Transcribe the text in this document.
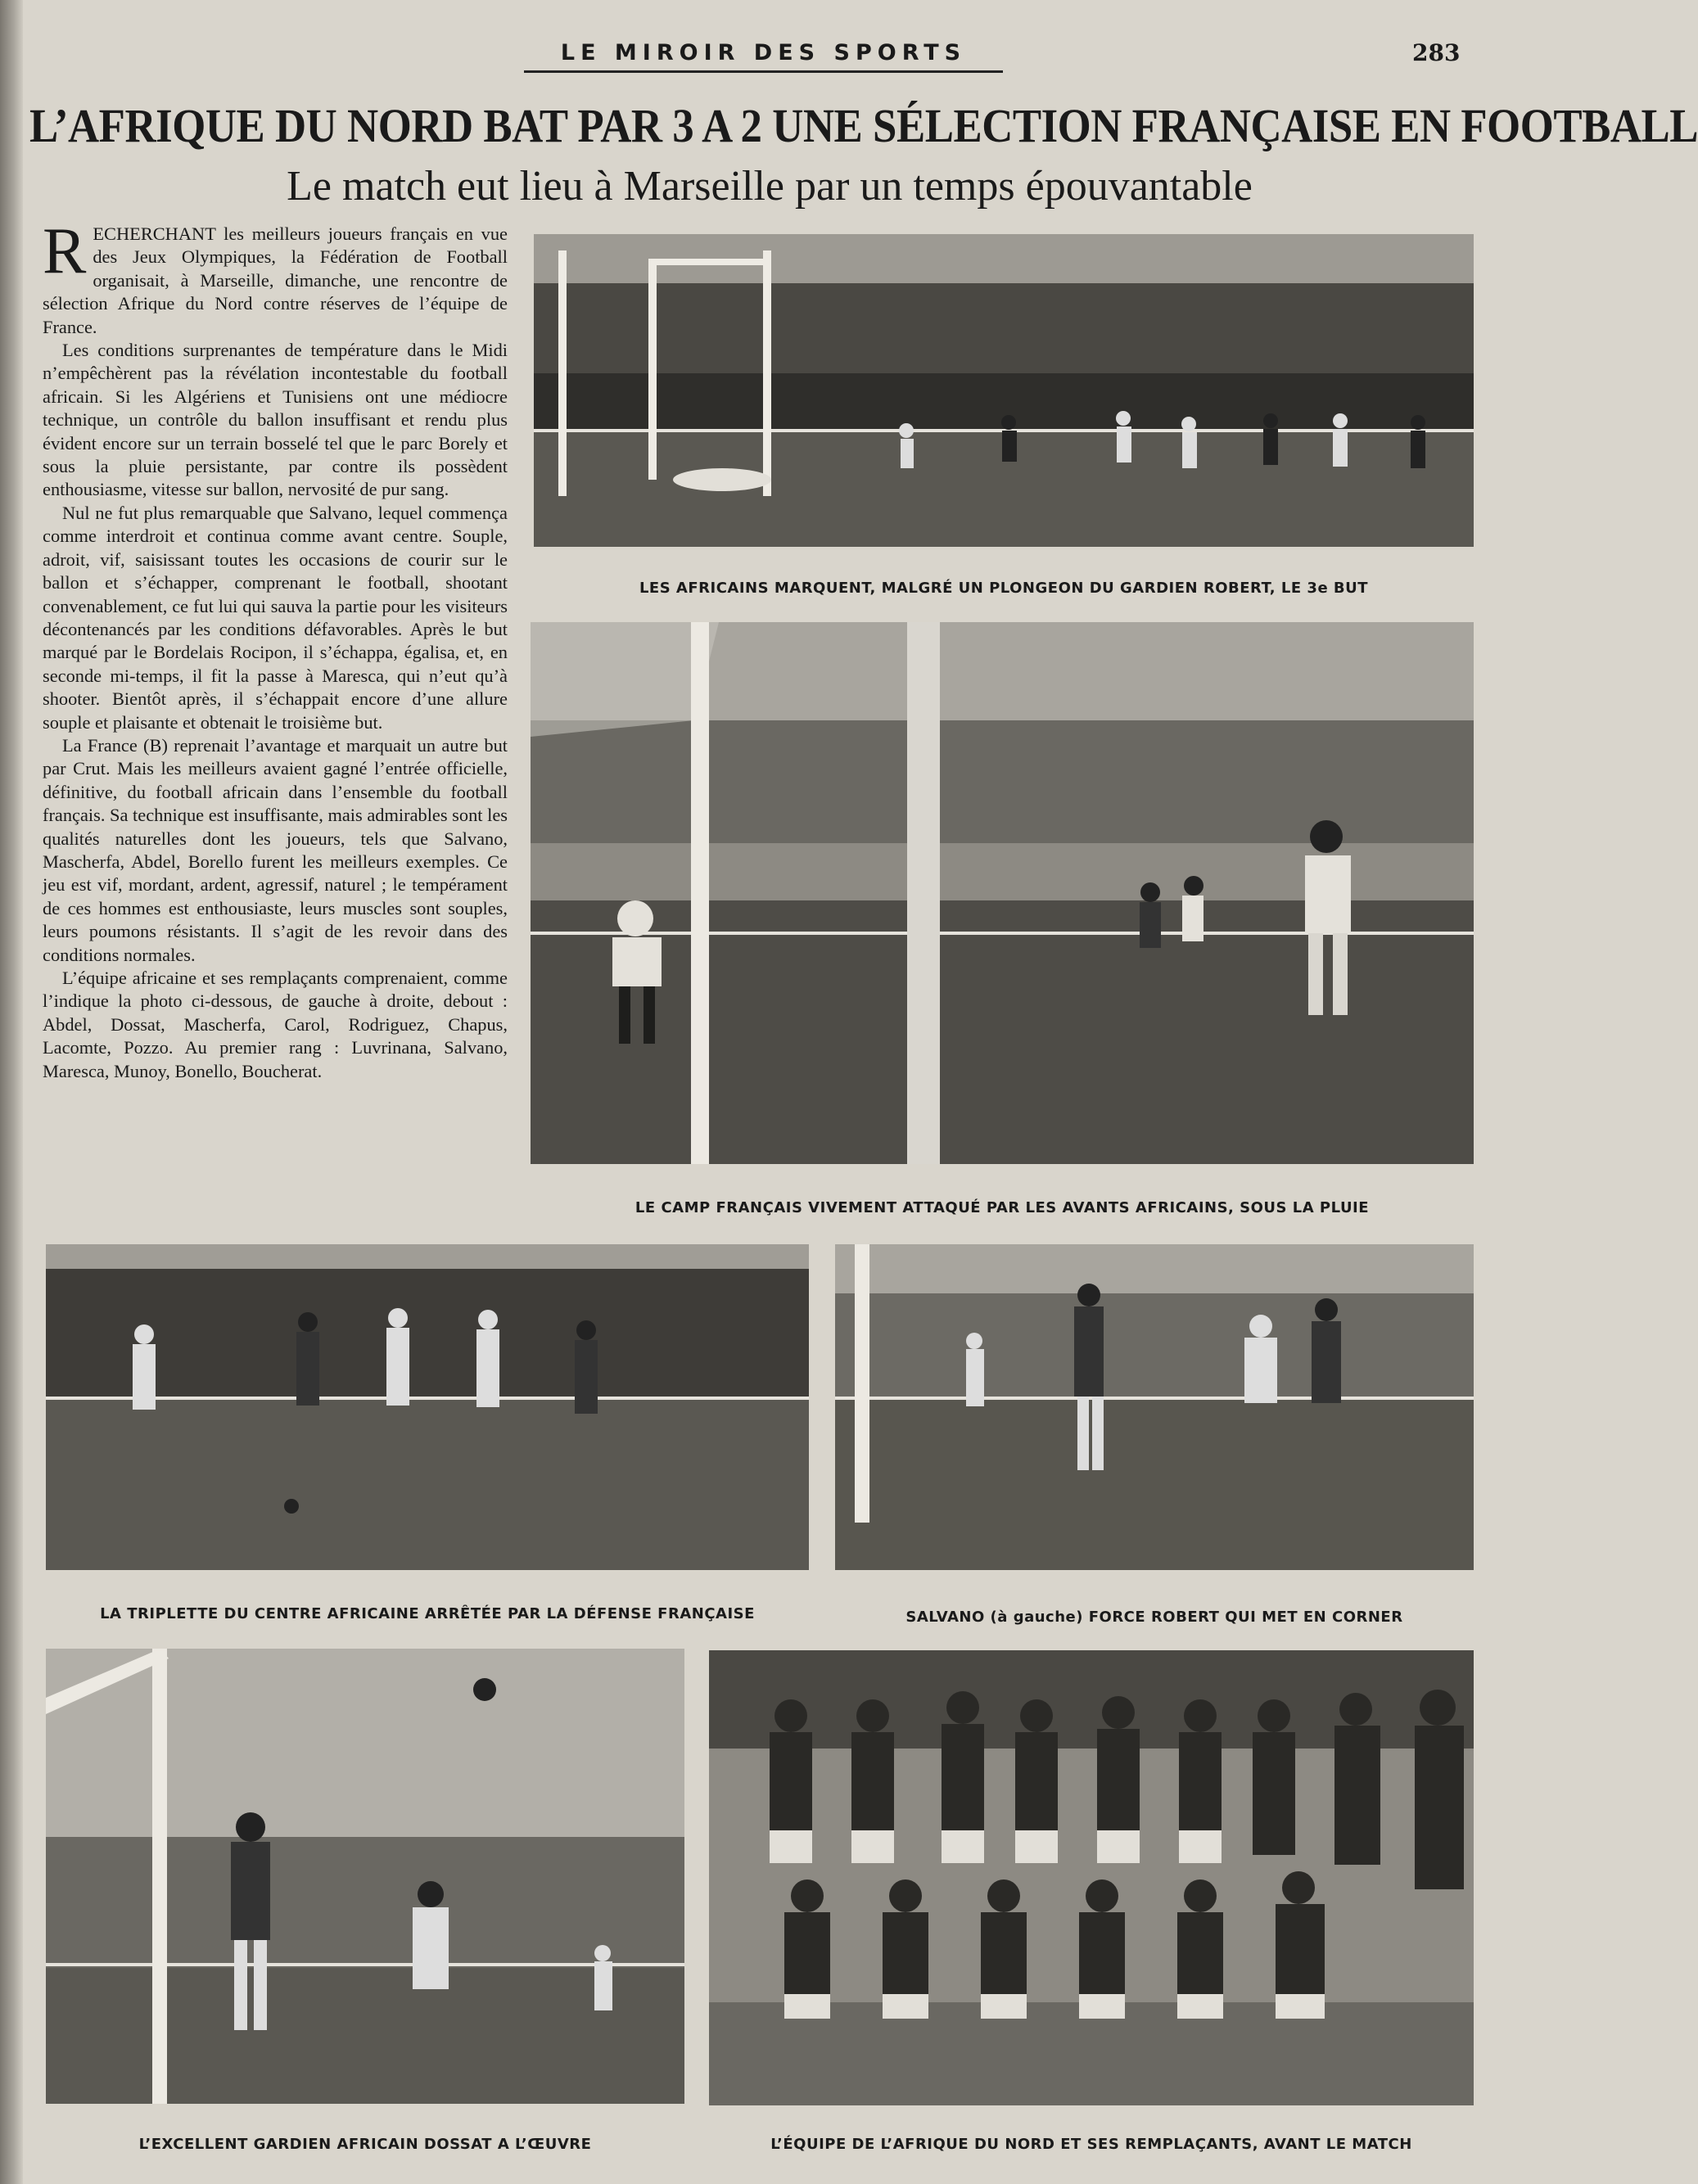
LE MIROIR DES SPORTS	283
L’AFRIQUE DU NORD BAT PAR 3 A 2 UNE SÉLECTION FRANÇAISE EN FOOTBALL
Le match eut lieu à Marseille par un temps épouvantable

RECHERCHANT les meilleurs joueurs français en vue des Jeux Olympiques, la Fédération de Football organisait, à Marseille, dimanche, une rencontre de sélection Afrique du Nord contre réserves de l’équipe de France.

Les conditions surprenantes de température dans le Midi n’empêchèrent pas la révélation incontestable du football africain. Si les Algériens et Tunisiens ont une médiocre technique, un contrôle du ballon insuffisant et rendu plus évident encore sur un terrain bosselé tel que le parc Borely et sous la pluie persistante, par contre ils possèdent enthousiasme, vitesse sur ballon, nervosité de pur sang.

Nul ne fut plus remarquable que Salvano, lequel commença comme interdroit et continua comme avant centre. Souple, adroit, vif, saisissant toutes les occasions de courir sur le ballon et s’échapper, comprenant le football, shootant convenablement, ce fut lui qui sauva la partie pour les visiteurs décontenancés par les conditions défavorables. Après le but marqué par le Bordelais Rocipon, il s’échappa, égalisa, et, en seconde mi-temps, il fit la passe à Maresca, qui n’eut qu’à shooter. Bientôt après, il s’échappait encore d’une allure souple et plaisante et obtenait le troisième but.

La France (B) reprenait l’avantage et marquait un autre but par Crut. Mais les meilleurs avaient gagné l’entrée officielle, définitive, du football africain dans l’ensemble du football français. Sa technique est insuffisante, mais admirables sont les qualités naturelles dont les joueurs, tels que Salvano, Mascherfa, Abdel, Borello furent les meilleurs exemples. Ce jeu est vif, mordant, ardent, agressif, naturel ; le tempérament de ces hommes est enthousiaste, leurs muscles sont souples, leurs poumons résistants. Il s’agit de les revoir dans des conditions normales.

L’équipe africaine et ses remplaçants comprenaient, comme l’indique la photo ci-dessous, de gauche à droite, debout : Abdel, Dossat, Mascherfa, Carol, Rodriguez, Chapus, Lacomte, Pozzo. Au premier rang : Luvrinana, Salvano, Maresca, Munoy, Bonello, Boucherat.

LES AFRICAINS MARQUENT, MALGRÉ UN PLONGEON DU GARDIEN ROBERT, LE 3e BUT
LE CAMP FRANÇAIS VIVEMENT ATTAQUÉ PAR LES AVANTS AFRICAINS, SOUS LA PLUIE
LA TRIPLETTE DU CENTRE AFRICAINE ARRÊTÉE PAR LA DÉFENSE FRANÇAISE	SALVANO (à gauche) FORCE ROBERT QUI MET EN CORNER
L’EXCELLENT GARDIEN AFRICAIN DOSSAT A L’ŒUVRE	L’ÉQUIPE DE L’AFRIQUE DU NORD ET SES REMPLAÇANTS, AVANT LE MATCH
